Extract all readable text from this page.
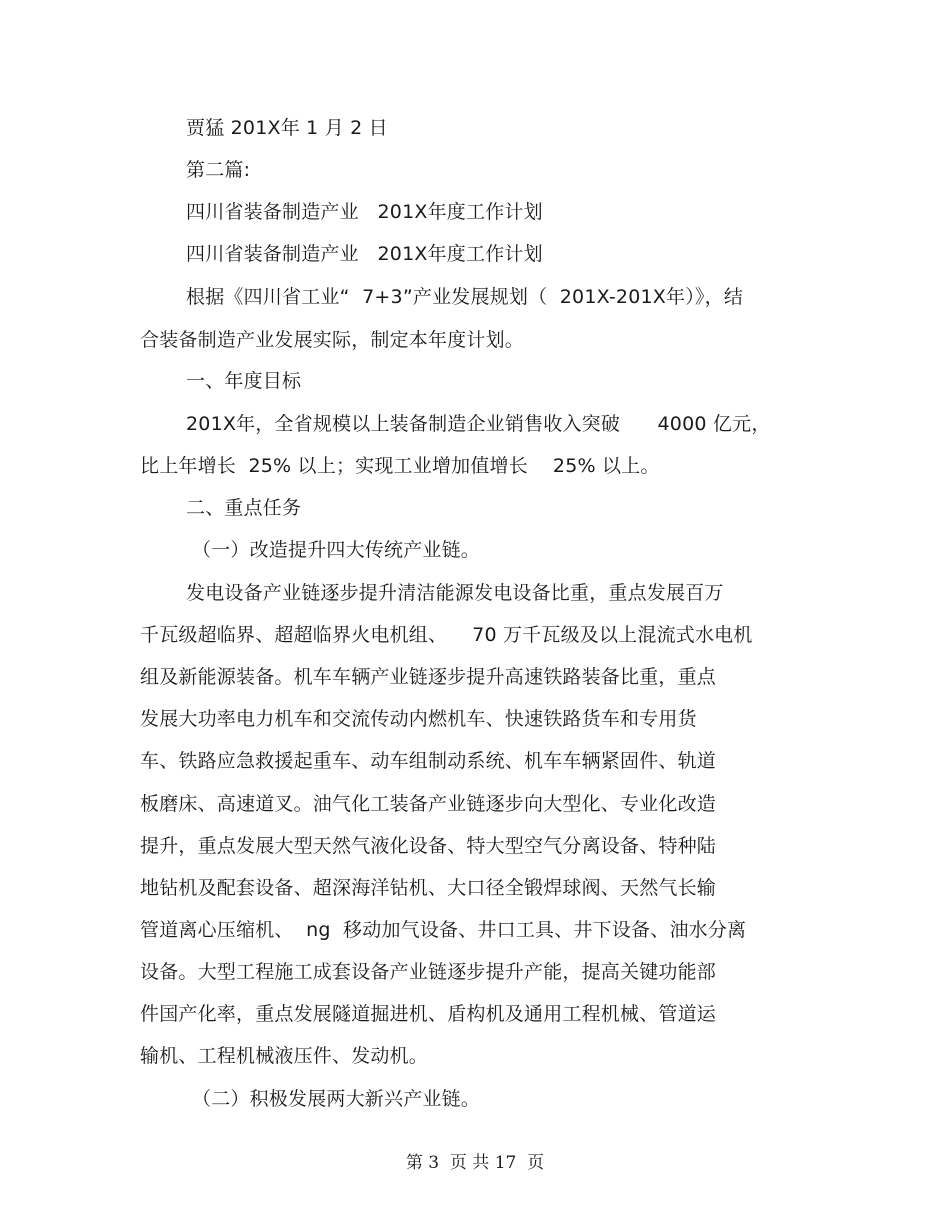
贾猛 201X年 1 月 2 日
第二篇:
四川省装备制造产业   201X年度工作计划
四川省装备制造产业   201X年度工作计划
根据《四川省工业“  7+3”产业发展规划（  201X-201X年）》，结
合装备制造产业发展实际，制定本年度计划。
一、年度目标
201X年，全省规模以上装备制造企业销售收入突破      4000 亿元，
比上年增长  25% 以上；实现工业增加值增长    25% 以上。
二、重点任务
（一）改造提升四大传统产业链。
发电设备产业链逐步提升清洁能源发电设备比重，重点发展百万
千瓦级超临界、超超临界火电机组、    70 万千瓦级及以上混流式水电机
组及新能源装备。机车车辆产业链逐步提升高速铁路装备比重，重点
发展大功率电力机车和交流传动内燃机车、快速铁路货车和专用货
车、铁路应急救援起重车、动车组制动系统、机车车辆紧固件、轨道
板磨床、高速道叉。油气化工装备产业链逐步向大型化、专业化改造
提升，重点发展大型天然气液化设备、特大型空气分离设备、特种陆
地钻机及配套设备、超深海洋钻机、大口径全锻焊球阀、天然气长输
管道离心压缩机、  ng  移动加气设备、井口工具、井下设备、油水分离
设备。大型工程施工成套设备产业链逐步提升产能，提高关键功能部
件国产化率，重点发展隧道掘进机、盾构机及通用工程机械、管道运
输机、工程机械液压件、发动机。
（二）积极发展两大新兴产业链。
第 3  页 共 17  页
